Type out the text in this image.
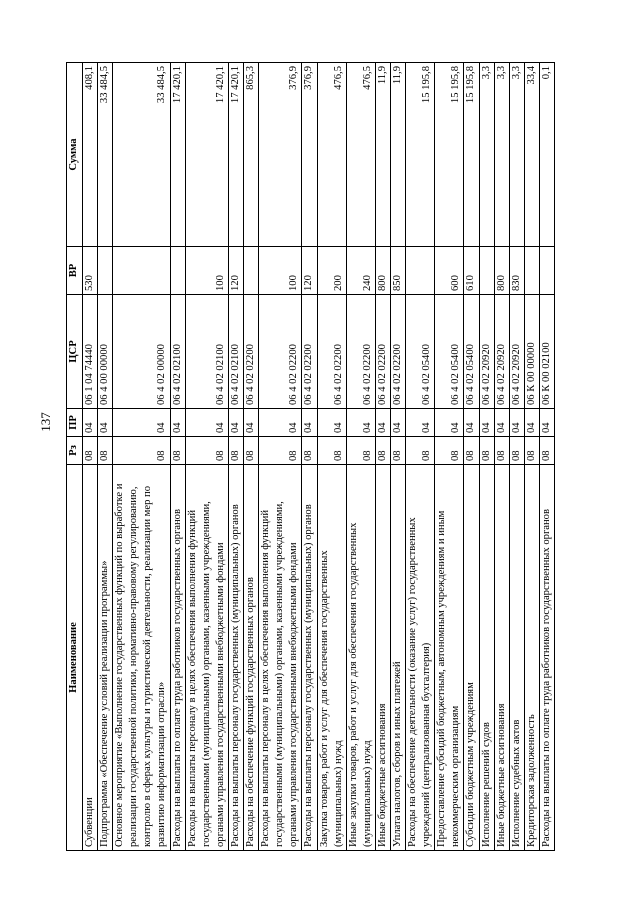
137
Наименование	Рз	ПР	ЦСР	ВР	Сумма
Субвенции	08	04	06 1 04 74440	530	408,1
Подпрограмма «Обеспечение условий реализации программы»	08	04	06 4 00 00000		33 484,5
Основное мероприятие «Выполнение государственных функций по выработке и реализации государственной политики, нормативно-правовому регулированию, контролю в сферах культуры и туристической деятельности, реализации мер по развитию информатизации отрасли»	08	04	06 4 02 00000		33 484,5
Расходы на выплаты по оплате труда работников государственных органов	08	04	06 4 02 02100		17 420,1
Расходы на выплаты персоналу в целях обеспечения выполнения функций государственными (муниципальными) органами, казенными учреждениями, органами управления государственными внебюджетными фондами	08	04	06 4 02 02100	100	17 420,1
Расходы на выплаты персоналу государственных (муниципальных) органов	08	04	06 4 02 02100	120	17 420,1
Расходы на обеспечение функций государственных органов	08	04	06 4 02 02200		865,3
Расходы на выплаты персоналу в целях обеспечения выполнения функций государственными (муниципальными) органами, казенными учреждениями, органами управления государственными внебюджетными фондами	08	04	06 4 02 02200	100	376,9
Расходы на выплаты персоналу государственных (муниципальных) органов	08	04	06 4 02 02200	120	376,9
Закупка товаров, работ и услуг для обеспечения государственных (муниципальных) нужд	08	04	06 4 02 02200	200	476,5
Иные закупки товаров, работ и услуг для обеспечения государственных (муниципальных) нужд	08	04	06 4 02 02200	240	476,5
Иные бюджетные ассигнования	08	04	06 4 02 02200	800	11,9
Уплата налогов, сборов и иных платежей	08	04	06 4 02 02200	850	11,9
Расходы на обеспечение деятельности (оказание услуг) государственных учреждений (централизованная бухгалтерия)	08	04	06 4 02 05400		15 195,8
Предоставление субсидий бюджетным, автономным учреждениям и иным некоммерческим организациям	08	04	06 4 02 05400	600	15 195,8
Субсидии бюджетным учреждениям	08	04	06 4 02 05400	610	15 195,8
Исполнение решений судов	08	04	06 4 02 20920		3,3
Иные бюджетные ассигнования	08	04	06 4 02 20920	800	3,3
Исполнение судебных актов	08	04	06 4 02 20920	830	3,3
Кредиторская задолженность	08	04	06 К 00 00000		33,4
Расходы на выплаты по оплате труда работников государственных органов	08	04	06 К 00 02100		0,1
